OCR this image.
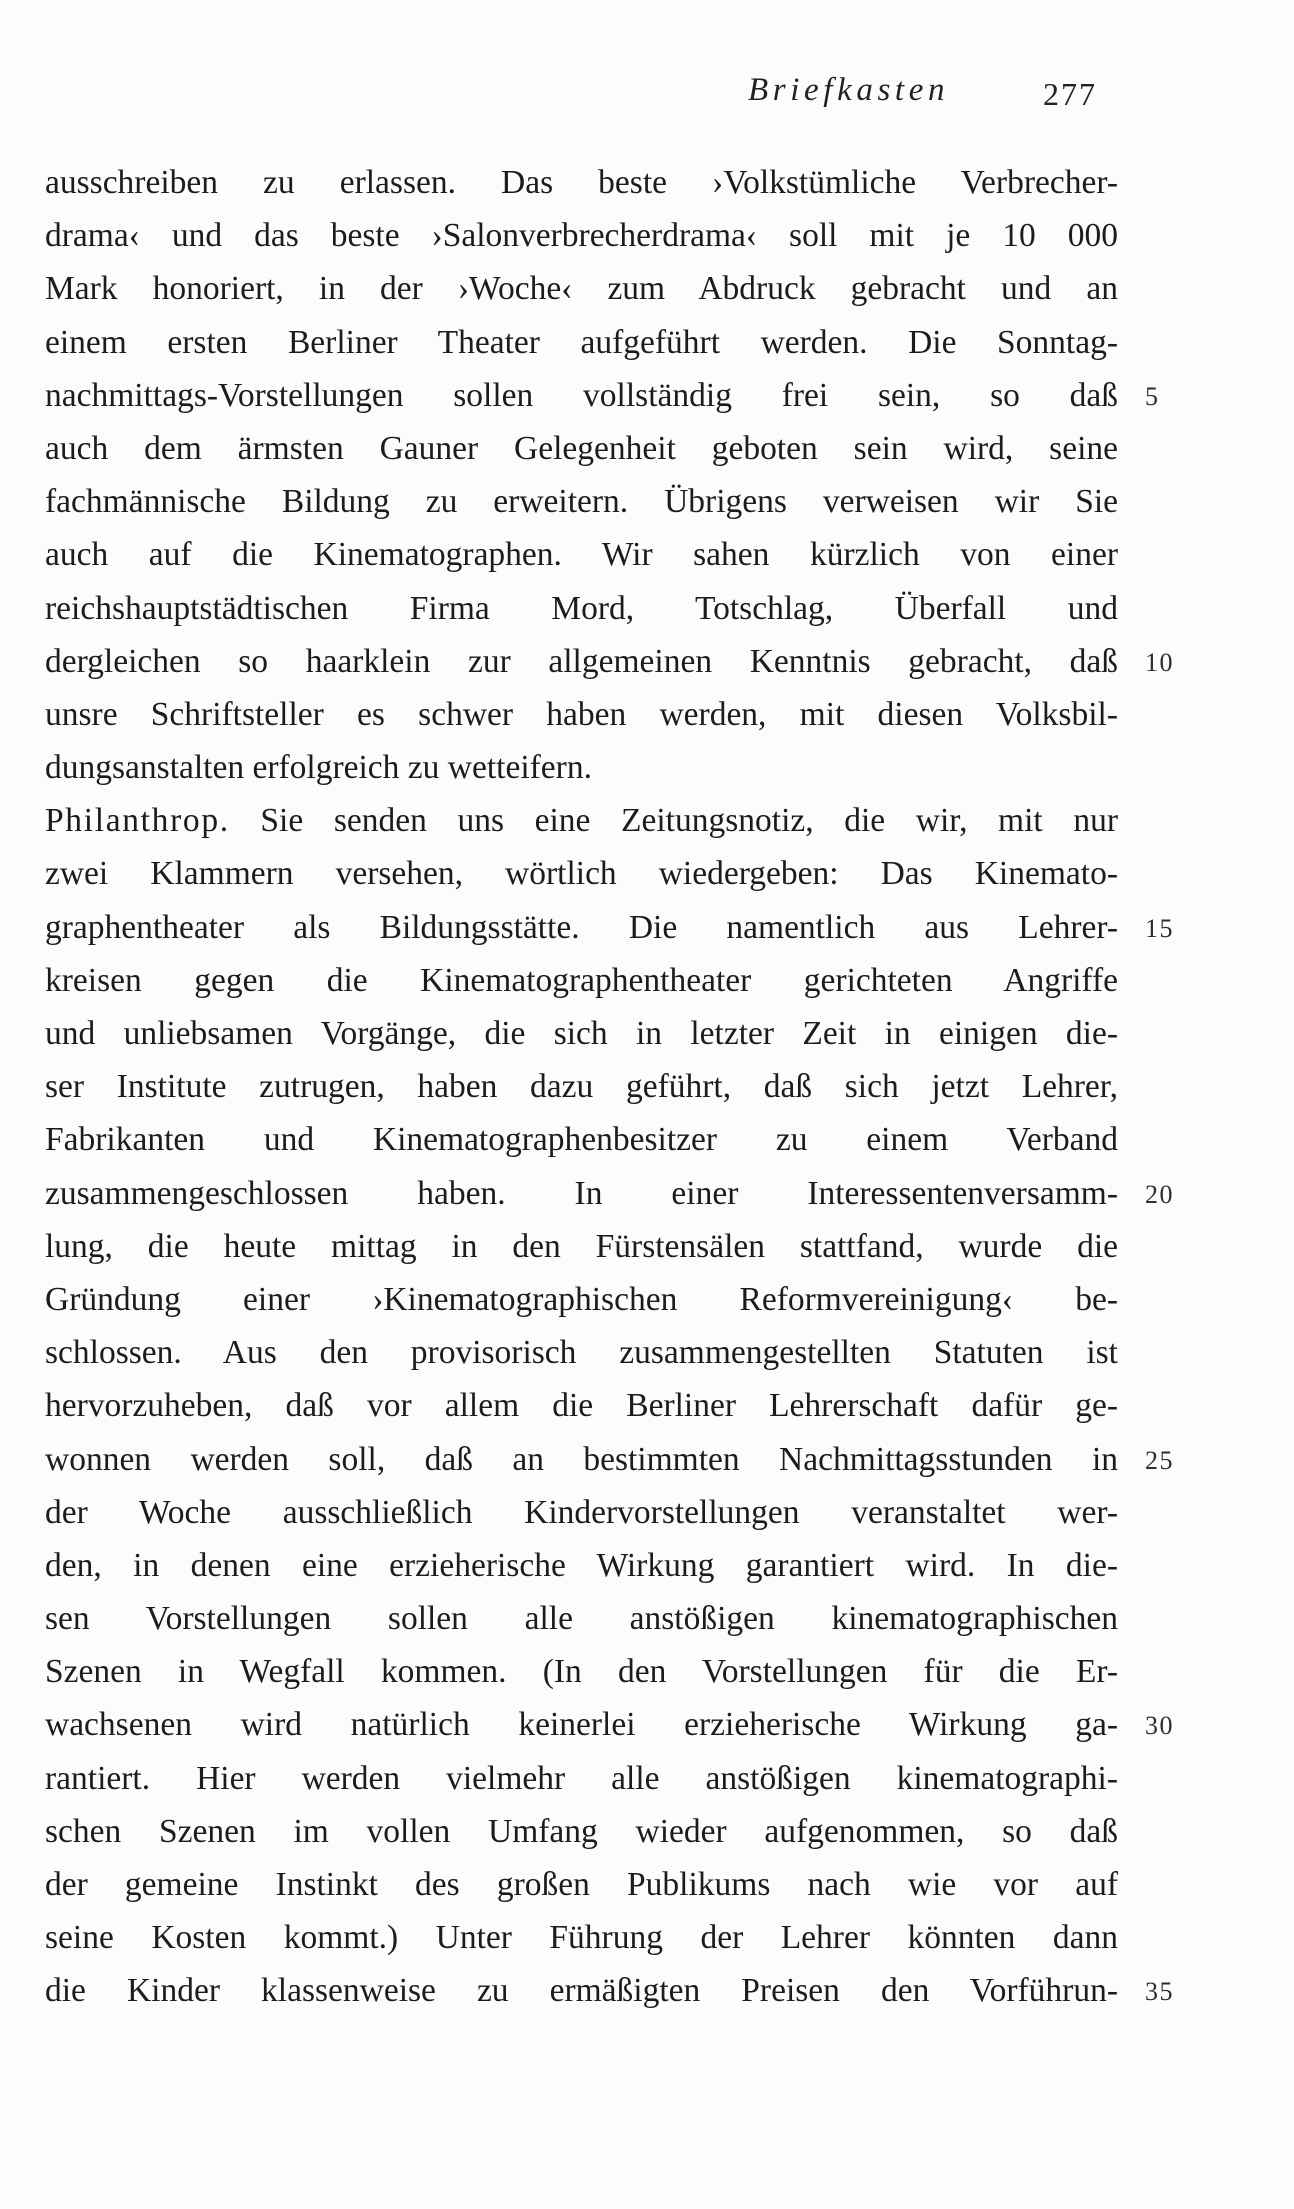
Briefkasten	277
ausschreiben zu erlassen. Das beste ›Volkstümliche Verbrecher-
drama‹ und das beste ›Salonverbrecherdrama‹ soll mit je 10 000
Mark honoriert, in der ›Woche‹ zum Abdruck gebracht und an
einem ersten Berliner Theater aufgeführt werden. Die Sonntag-
nachmittags-Vorstellungen sollen vollständig frei sein, so daß 5
auch dem ärmsten Gauner Gelegenheit geboten sein wird, seine
fachmännische Bildung zu erweitern. Übrigens verweisen wir Sie
auch auf die Kinematographen. Wir sahen kürzlich von einer
reichshauptstädtischen Firma Mord, Totschlag, Überfall und
dergleichen so haarklein zur allgemeinen Kenntnis gebracht, daß 10
unsre Schriftsteller es schwer haben werden, mit diesen Volksbil-
dungsanstalten erfolgreich zu wetteifern.
Philanthrop. Sie senden uns eine Zeitungsnotiz, die wir, mit nur
zwei Klammern versehen, wörtlich wiedergeben: Das Kinemato-
graphentheater als Bildungsstätte. Die namentlich aus Lehrer- 15
kreisen gegen die Kinematographentheater gerichteten Angriffe
und unliebsamen Vorgänge, die sich in letzter Zeit in einigen die-
ser Institute zutrugen, haben dazu geführt, daß sich jetzt Lehrer,
Fabrikanten und Kinematographenbesitzer zu einem Verband
zusammengeschlossen haben. In einer Interessentenversamm- 20
lung, die heute mittag in den Fürstensälen stattfand, wurde die
Gründung einer ›Kinematographischen Reformvereinigung‹ be-
schlossen. Aus den provisorisch zusammengestellten Statuten ist
hervorzuheben, daß vor allem die Berliner Lehrerschaft dafür ge-
wonnen werden soll, daß an bestimmten Nachmittagsstunden in 25
der Woche ausschließlich Kindervorstellungen veranstaltet wer-
den, in denen eine erzieherische Wirkung garantiert wird. In die-
sen Vorstellungen sollen alle anstößigen kinematographischen
Szenen in Wegfall kommen. (In den Vorstellungen für die Er-
wachsenen wird natürlich keinerlei erzieherische Wirkung ga- 30
rantiert. Hier werden vielmehr alle anstößigen kinematographi-
schen Szenen im vollen Umfang wieder aufgenommen, so daß
der gemeine Instinkt des großen Publikums nach wie vor auf
seine Kosten kommt.) Unter Führung der Lehrer könnten dann
die Kinder klassenweise zu ermäßigten Preisen den Vorführun- 35
